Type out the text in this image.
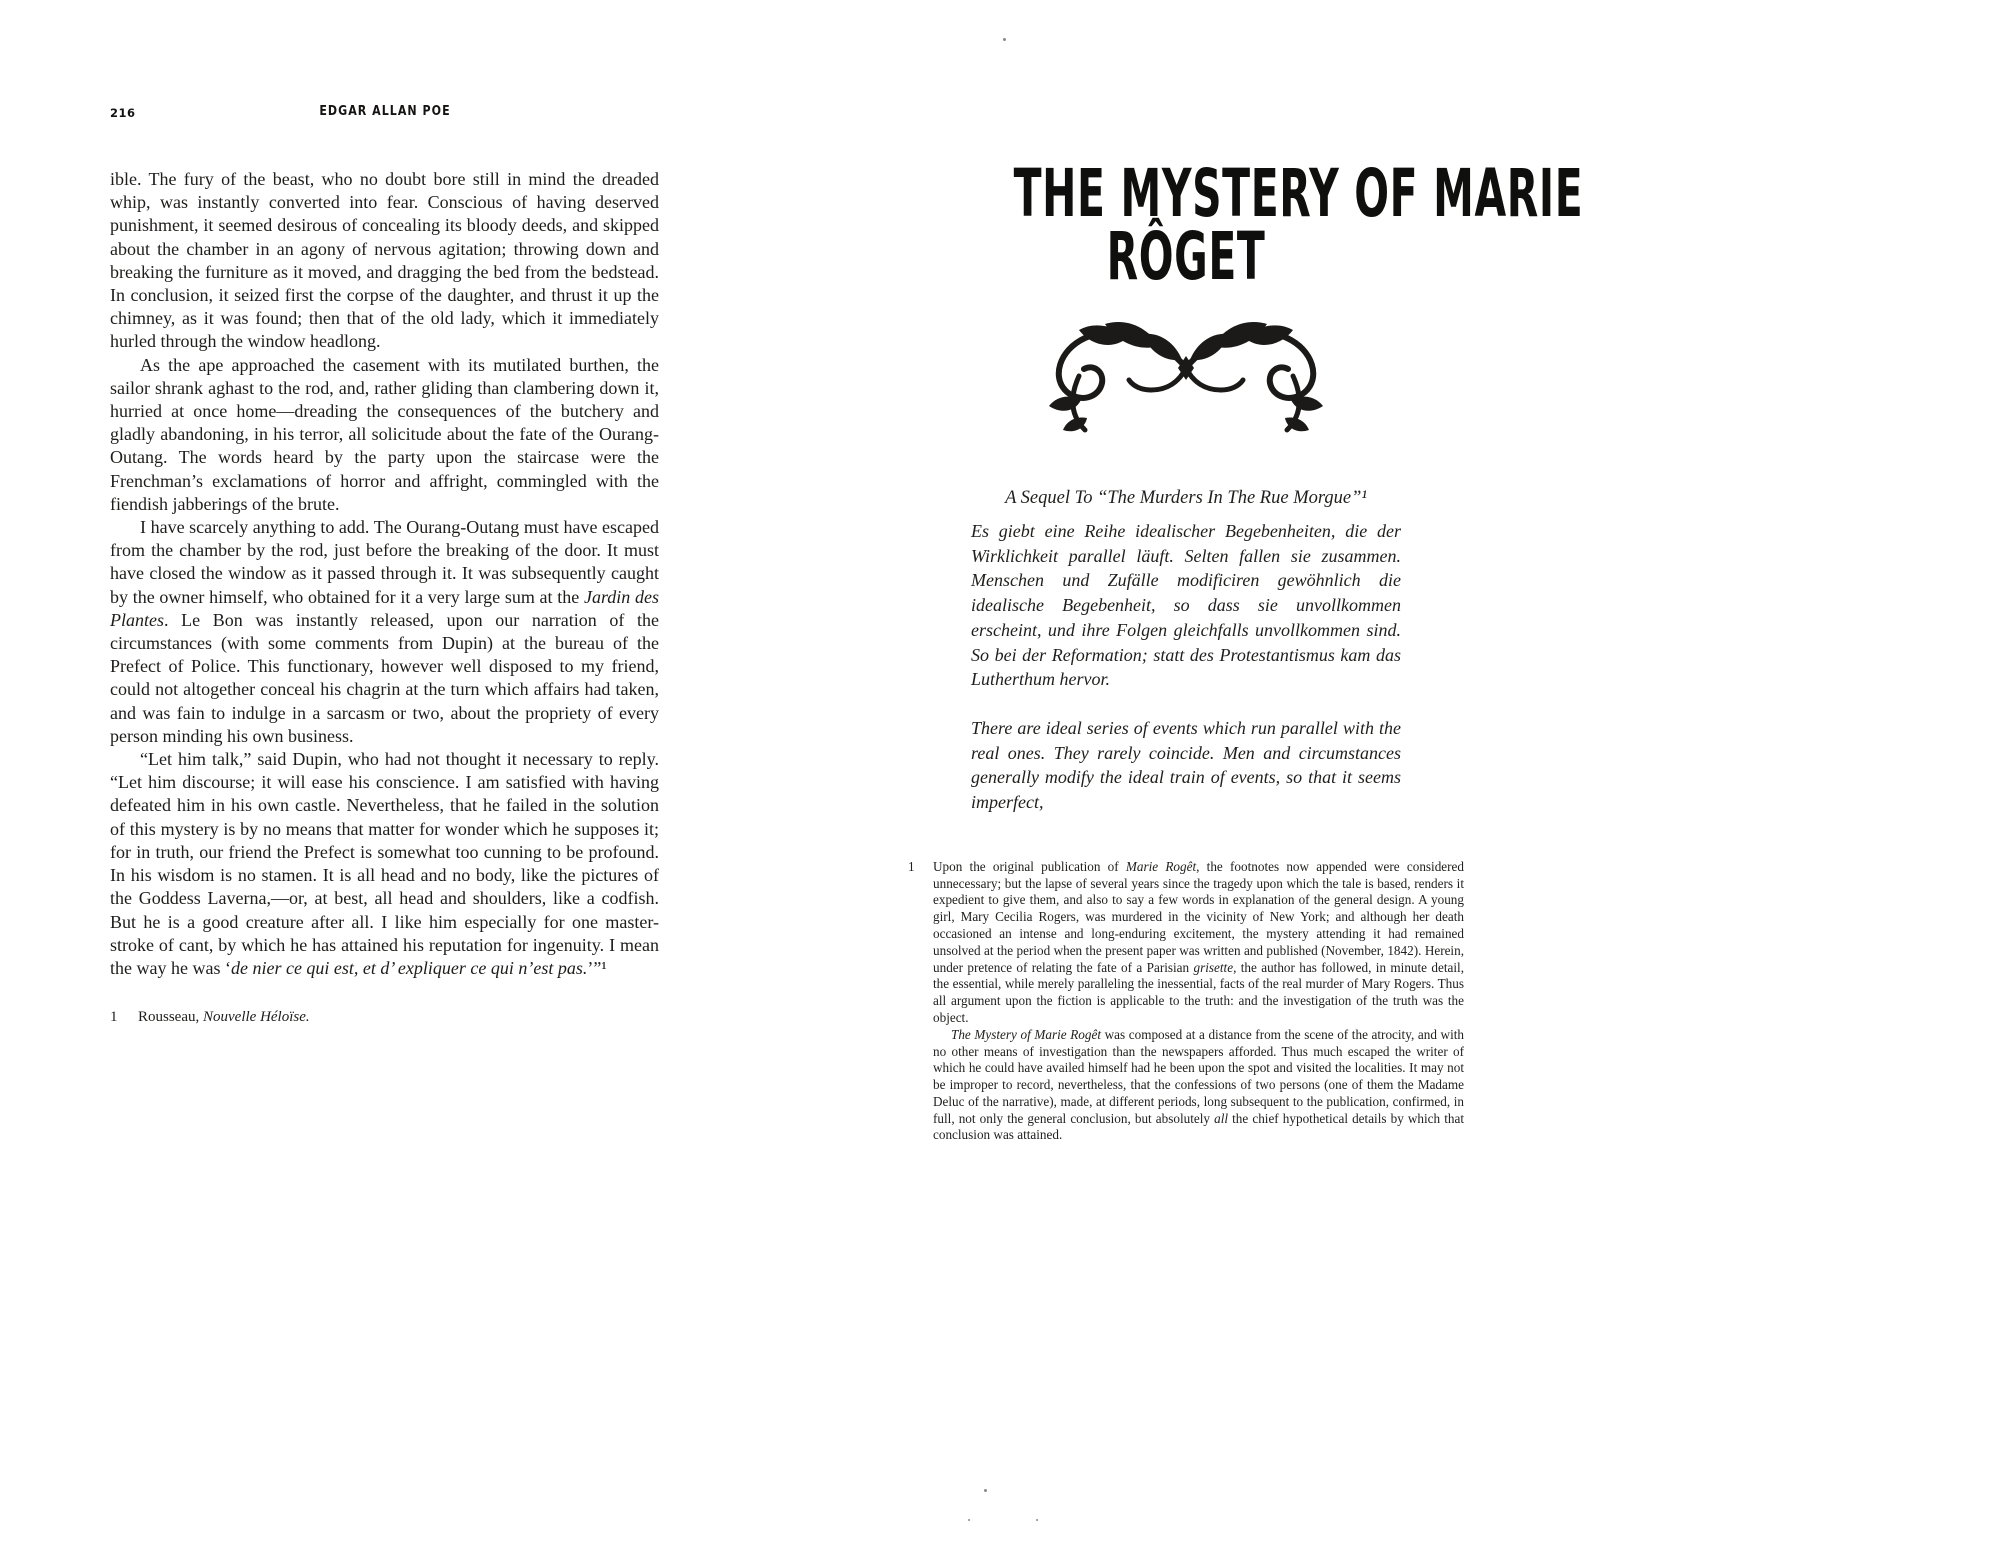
216	EDGAR ALLAN POE

ible. The fury of the beast, who no doubt bore still in mind the dreaded whip, was instantly converted into fear. Conscious of having deserved punishment, it seemed desirous of concealing its bloody deeds, and skipped about the chamber in an agony of nervous agitation; throwing down and breaking the furniture as it moved, and dragging the bed from the bedstead. In conclusion, it seized first the corpse of the daughter, and thrust it up the chimney, as it was found; then that of the old lady, which it immediately hurled through the window headlong.

As the ape approached the casement with its mutilated burthen, the sailor shrank aghast to the rod, and, rather gliding than clambering down it, hurried at once home—dreading the consequences of the butchery and gladly abandoning, in his terror, all solicitude about the fate of the Ourang-Outang. The words heard by the party upon the staircase were the Frenchman’s exclamations of horror and affright, commingled with the fiendish jabberings of the brute.

I have scarcely anything to add. The Ourang-Outang must have escaped from the chamber by the rod, just before the breaking of the door. It must have closed the window as it passed through it. It was subsequently caught by the owner himself, who obtained for it a very large sum at the Jardin des Plantes. Le Bon was instantly released, upon our narration of the circumstances (with some comments from Dupin) at the bureau of the Prefect of Police. This functionary, however well disposed to my friend, could not altogether conceal his chagrin at the turn which affairs had taken, and was fain to indulge in a sarcasm or two, about the propriety of every person minding his own business.

“Let him talk,” said Dupin, who had not thought it necessary to reply. “Let him discourse; it will ease his conscience. I am satisfied with having defeated him in his own castle. Nevertheless, that he failed in the solution of this mystery is by no means that matter for wonder which he supposes it; for in truth, our friend the Prefect is somewhat too cunning to be profound. In his wisdom is no stamen. It is all head and no body, like the pictures of the Goddess Laverna,—or, at best, all head and shoulders, like a codfish. But he is a good creature after all. I like him especially for one master-stroke of cant, by which he has attained his reputation for ingenuity. I mean the way he was ‘de nier ce qui est, et d’ expliquer ce qui n’est pas.’”¹

1 Rousseau, Nouvelle Héloïse.
THE MYSTERY OF MARIE
RÔGET

A Sequel To “The Murders In The Rue Morgue”¹

Es giebt eine Reihe idealischer Begebenheiten, die der Wirklichkeit parallel läuft. Selten fallen sie zusammen. Menschen und Zufälle modificiren gewöhnlich die idealische Begebenheit, so dass sie unvollkommen erscheint, und ihre Folgen gleichfalls unvollkommen sind. So bei der Reformation; statt des Protestantismus kam das Lutherthum hervor.

There are ideal series of events which run parallel with the real ones. They rarely coincide. Men and circumstances generally modify the ideal train of events, so that it seems imperfect,

1	Upon the original publication of Marie Rogêt, the footnotes now appended were considered unnecessary; but the lapse of several years since the tragedy upon which the tale is based, renders it expedient to give them, and also to say a few words in explanation of the general design. A young girl, Mary Cecilia Rogers, was murdered in the vicinity of New York; and although her death occasioned an intense and long-enduring excitement, the mystery attending it had remained unsolved at the period when the present paper was written and published (November, 1842). Herein, under pretence of relating the fate of a Parisian grisette, the author has followed, in minute detail, the essential, while merely paralleling the inessential, facts of the real murder of Mary Rogers. Thus all argument upon the fiction is applicable to the truth: and the investigation of the truth was the object.

The Mystery of Marie Rogêt was composed at a distance from the scene of the atrocity, and with no other means of investigation than the newspapers afforded. Thus much escaped the writer of which he could have availed himself had he been upon the spot and visited the localities. It may not be improper to record, nevertheless, that the confessions of two persons (one of them the Madame Deluc of the narrative), made, at different periods, long subsequent to the publication, confirmed, in full, not only the general conclusion, but absolutely all the chief hypothetical details by which that conclusion was attained.
